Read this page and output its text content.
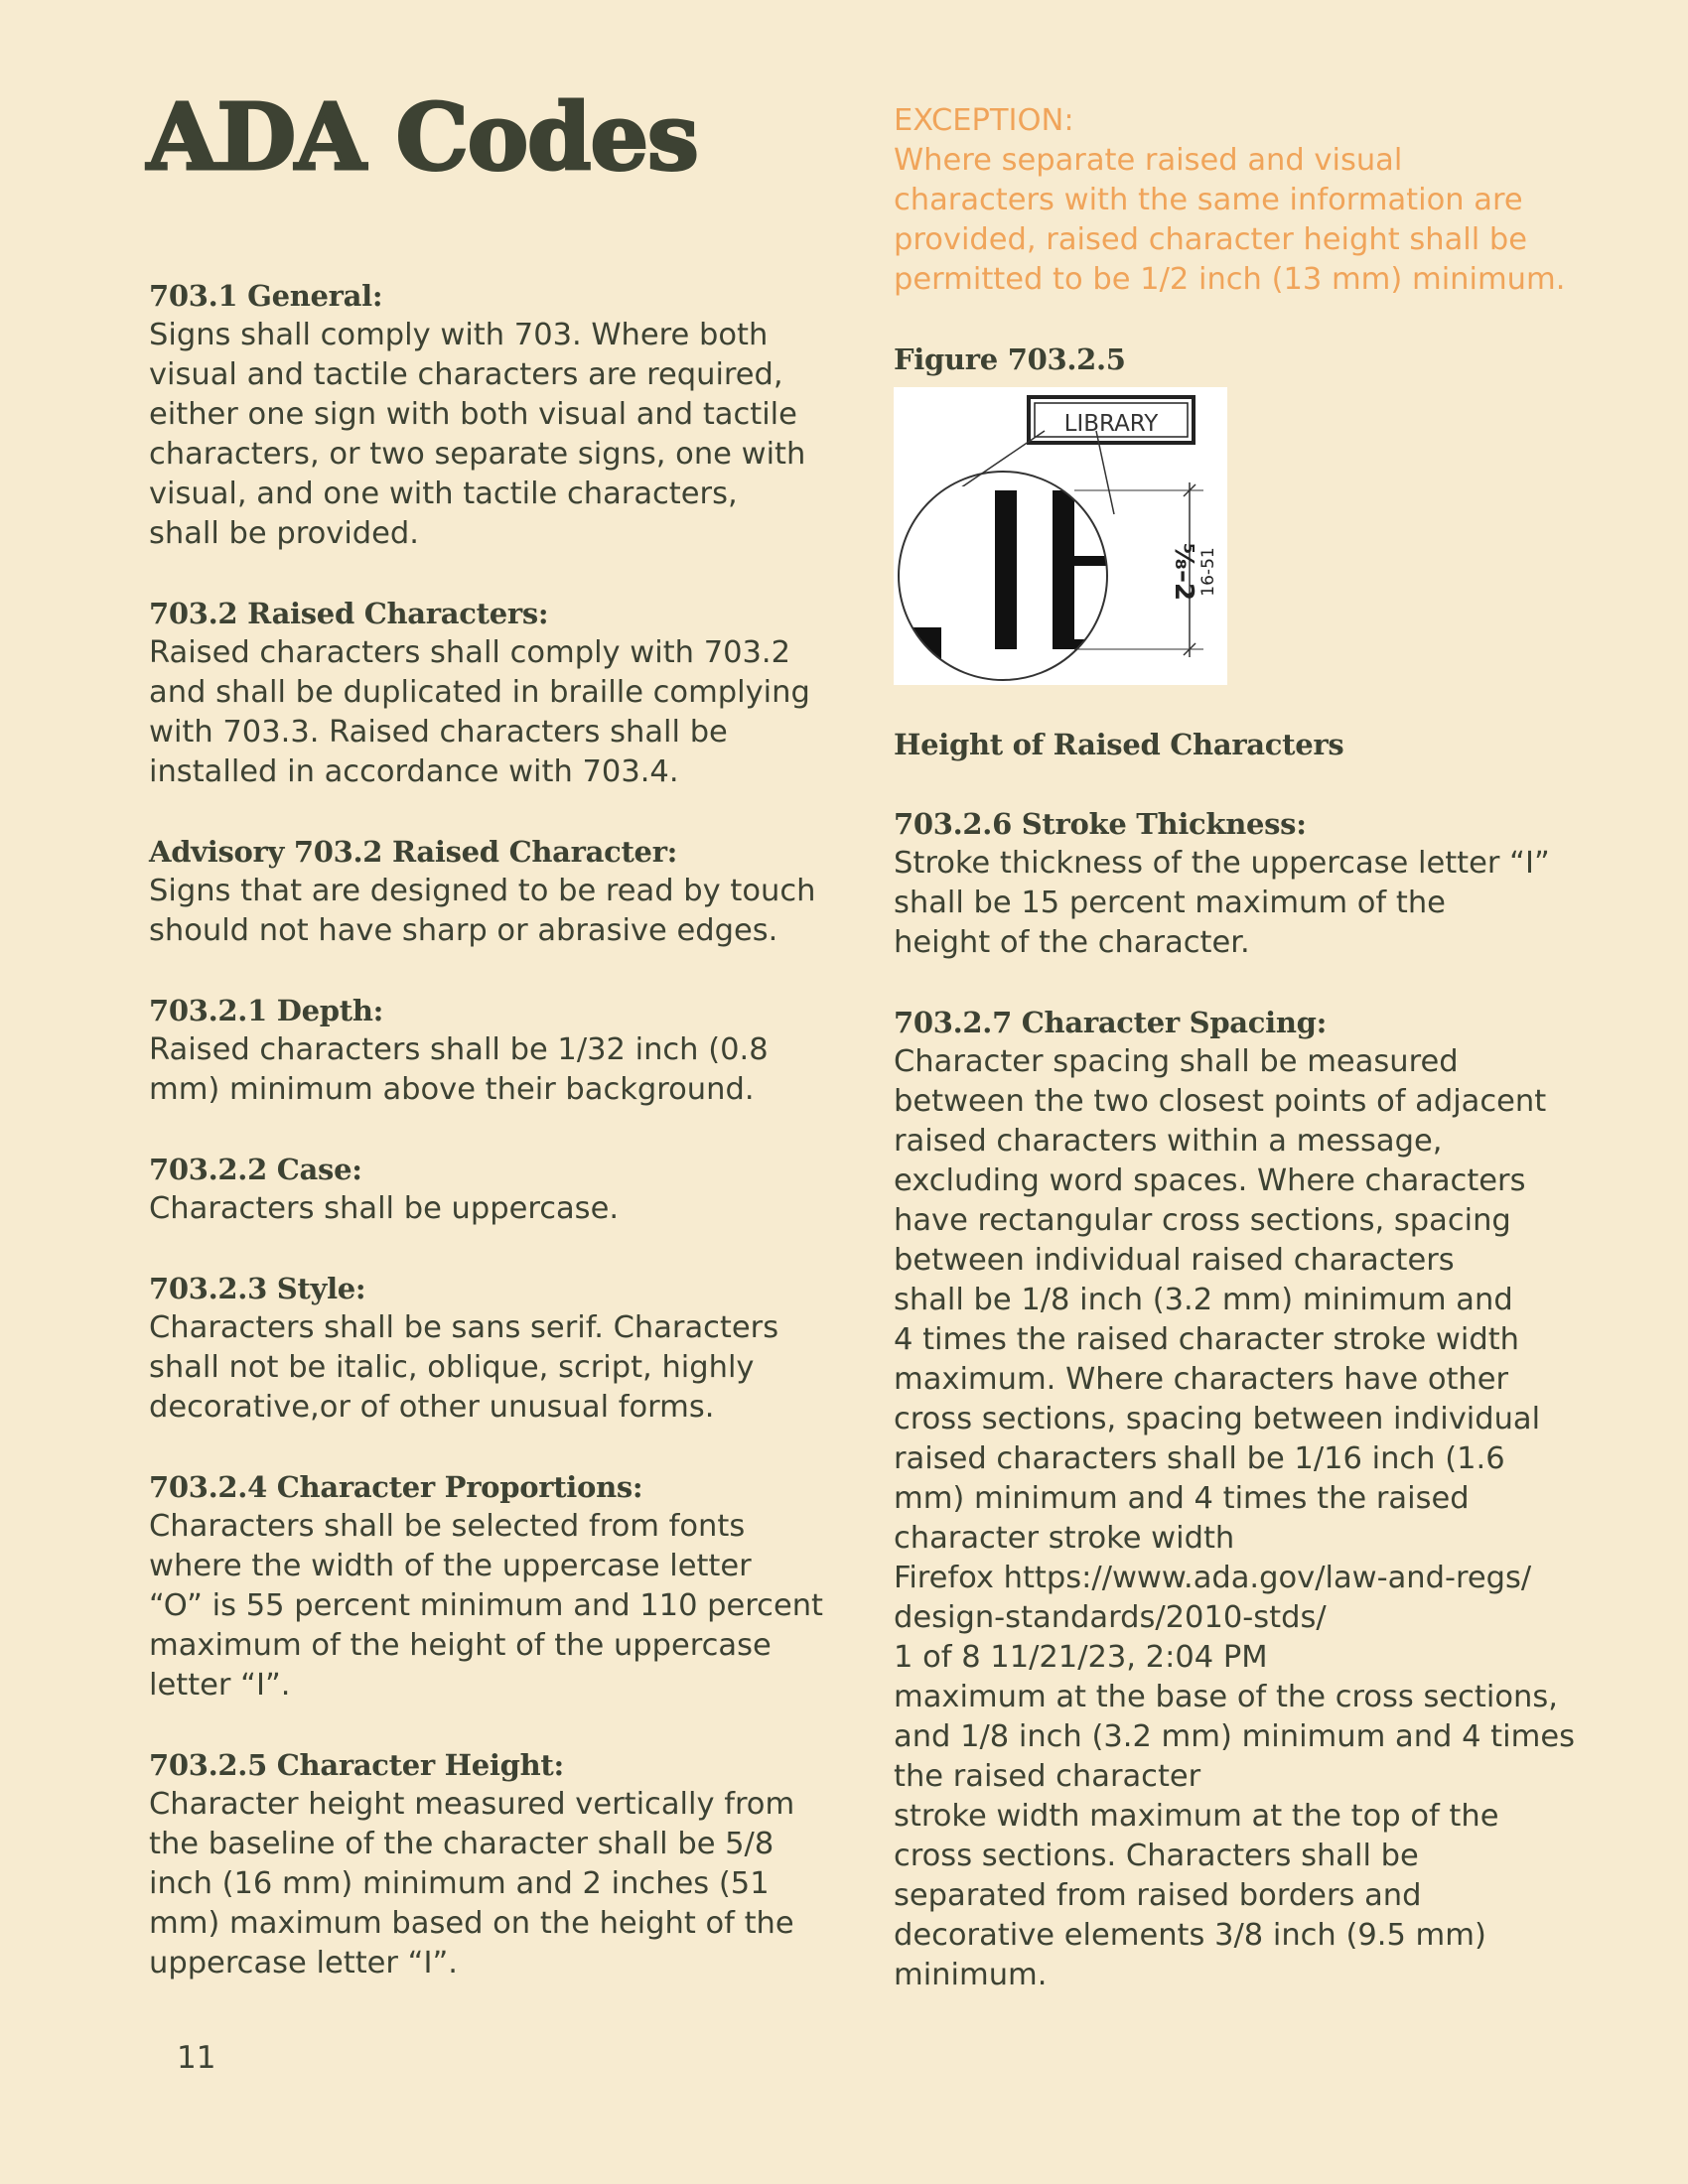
ADA Codes

703.1 General:

Signs shall comply with 703. Where both
visual and tactile characters are required,
either one sign with both visual and tactile
characters, or two separate signs, one with
visual, and one with tactile characters,
shall be provided.

703.2 Raised Characters:

Raised characters shall comply with 703.2
and shall be duplicated in braille complying
with 703.3. Raised characters shall be
installed in accordance with 703.4.

Advisory 703.2 Raised Character:

Signs that are designed to be read by touch
should not have sharp or abrasive edges.

703.2.1 Depth:

Raised characters shall be 1/32 inch (0.8
mm) minimum above their background.

703.2.2 Case:

Characters shall be uppercase.

703.2.3 Style:

Characters shall be sans serif. Characters
shall not be italic, oblique, script, highly
decorative,or of other unusual forms.

703.2.4 Character Proportions:

Characters shall be selected from fonts
where the width of the uppercase letter
“O” is 55 percent minimum and 110 percent
maximum of the height of the uppercase
letter “I”.

703.2.5 Character Height:

Character height measured vertically from
the baseline of the character shall be 5/8
inch (16 mm) minimum and 2 inches (51
mm) maximum based on the height of the
uppercase letter “I”.

EXCEPTION:
Where separate raised and visual
characters with the same information are
provided, raised character height shall be
permitted to be 1/2 inch (13 mm) minimum.

Figure 703.2.5

LIBRARY
⁵⁄₈–2 16-51

Height of Raised Characters

703.2.6 Stroke Thickness:

Stroke thickness of the uppercase letter “I”
shall be 15 percent maximum of the
height of the character.

703.2.7 Character Spacing:

Character spacing shall be measured
between the two closest points of adjacent
raised characters within a message,
excluding word spaces. Where characters
have rectangular cross sections, spacing
between individual raised characters
shall be 1/8 inch (3.2 mm) minimum and
4 times the raised character stroke width
maximum. Where characters have other
cross sections, spacing between individual
raised characters shall be 1/16 inch (1.6
mm) minimum and 4 times the raised
character stroke width
Firefox https://www.ada.gov/law-and-regs/
design-standards/2010-stds/
1 of 8 11/21/23, 2:04 PM
maximum at the base of the cross sections,
and 1/8 inch (3.2 mm) minimum and 4 times
the raised character
stroke width maximum at the top of the
cross sections. Characters shall be
separated from raised borders and
decorative elements 3/8 inch (9.5 mm)
minimum.

11
